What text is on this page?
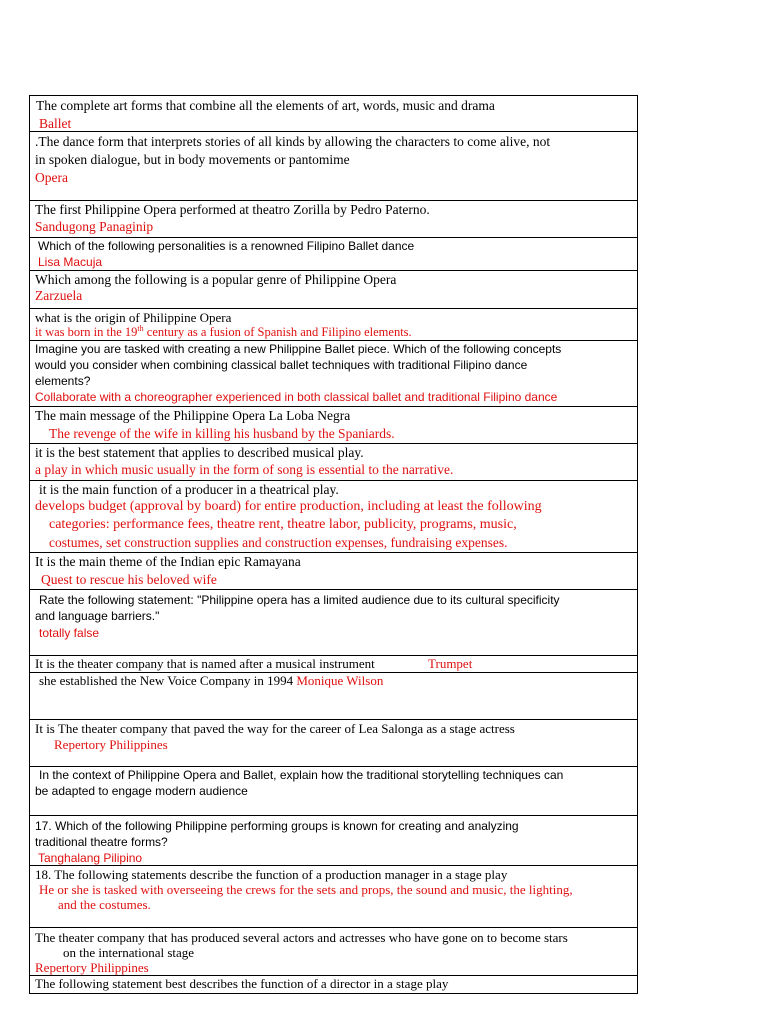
The complete art forms that combine all the elements of art, words, music and drama
Ballet
.The dance form that interprets stories of all kinds by allowing the characters to come alive, not
in spoken dialogue, but in body movements or pantomime
Opera
The first Philippine Opera performed at theatro Zorilla by Pedro Paterno.
Sandugong Panaginip
Which of the following personalities is a renowned Filipino Ballet dance
Lisa Macuja
Which among the following is a popular genre of Philippine Opera
Zarzuela
what is the origin of Philippine Opera
it was born in the 19th century as a fusion of Spanish and Filipino elements.
Imagine you are tasked with creating a new Philippine Ballet piece. Which of the following concepts
would you consider when combining classical ballet techniques with traditional Filipino dance
elements?
Collaborate with a choreographer experienced in both classical ballet and traditional Filipino dance
The main message of the Philippine Opera La Loba Negra
The revenge of the wife in killing his husband by the Spaniards.
it is the best statement that applies to described musical play.
a play in which music usually in the form of song is essential to the narrative.
it is the main function of a producer in a theatrical play.
develops budget (approval by board) for entire production, including at least the following
categories: performance fees, theatre rent, theatre labor, publicity, programs, music,
costumes, set construction supplies and construction expenses, fundraising expenses.
It is the main theme of the Indian epic Ramayana
Quest to rescue his beloved wife
Rate the following statement: "Philippine opera has a limited audience due to its cultural specificity
and language barriers."
totally false
It is the theater company that is named after a musical instrument	Trumpet
she established the New Voice Company in 1994 Monique Wilson
It is The theater company that paved the way for the career of Lea Salonga as a stage actress
Repertory Philippines
In the context of Philippine Opera and Ballet, explain how the traditional storytelling techniques can
be adapted to engage modern audience
17. Which of the following Philippine performing groups is known for creating and analyzing
traditional theatre forms?
Tanghalang Pilipino
18. The following statements describe the function of a production manager in a stage play
He or she is tasked with overseeing the crews for the sets and props, the sound and music, the lighting,
and the costumes.
The theater company that has produced several actors and actresses who have gone on to become stars
on the international stage
Repertory Philippines
The following statement best describes the function of a director in a stage play
